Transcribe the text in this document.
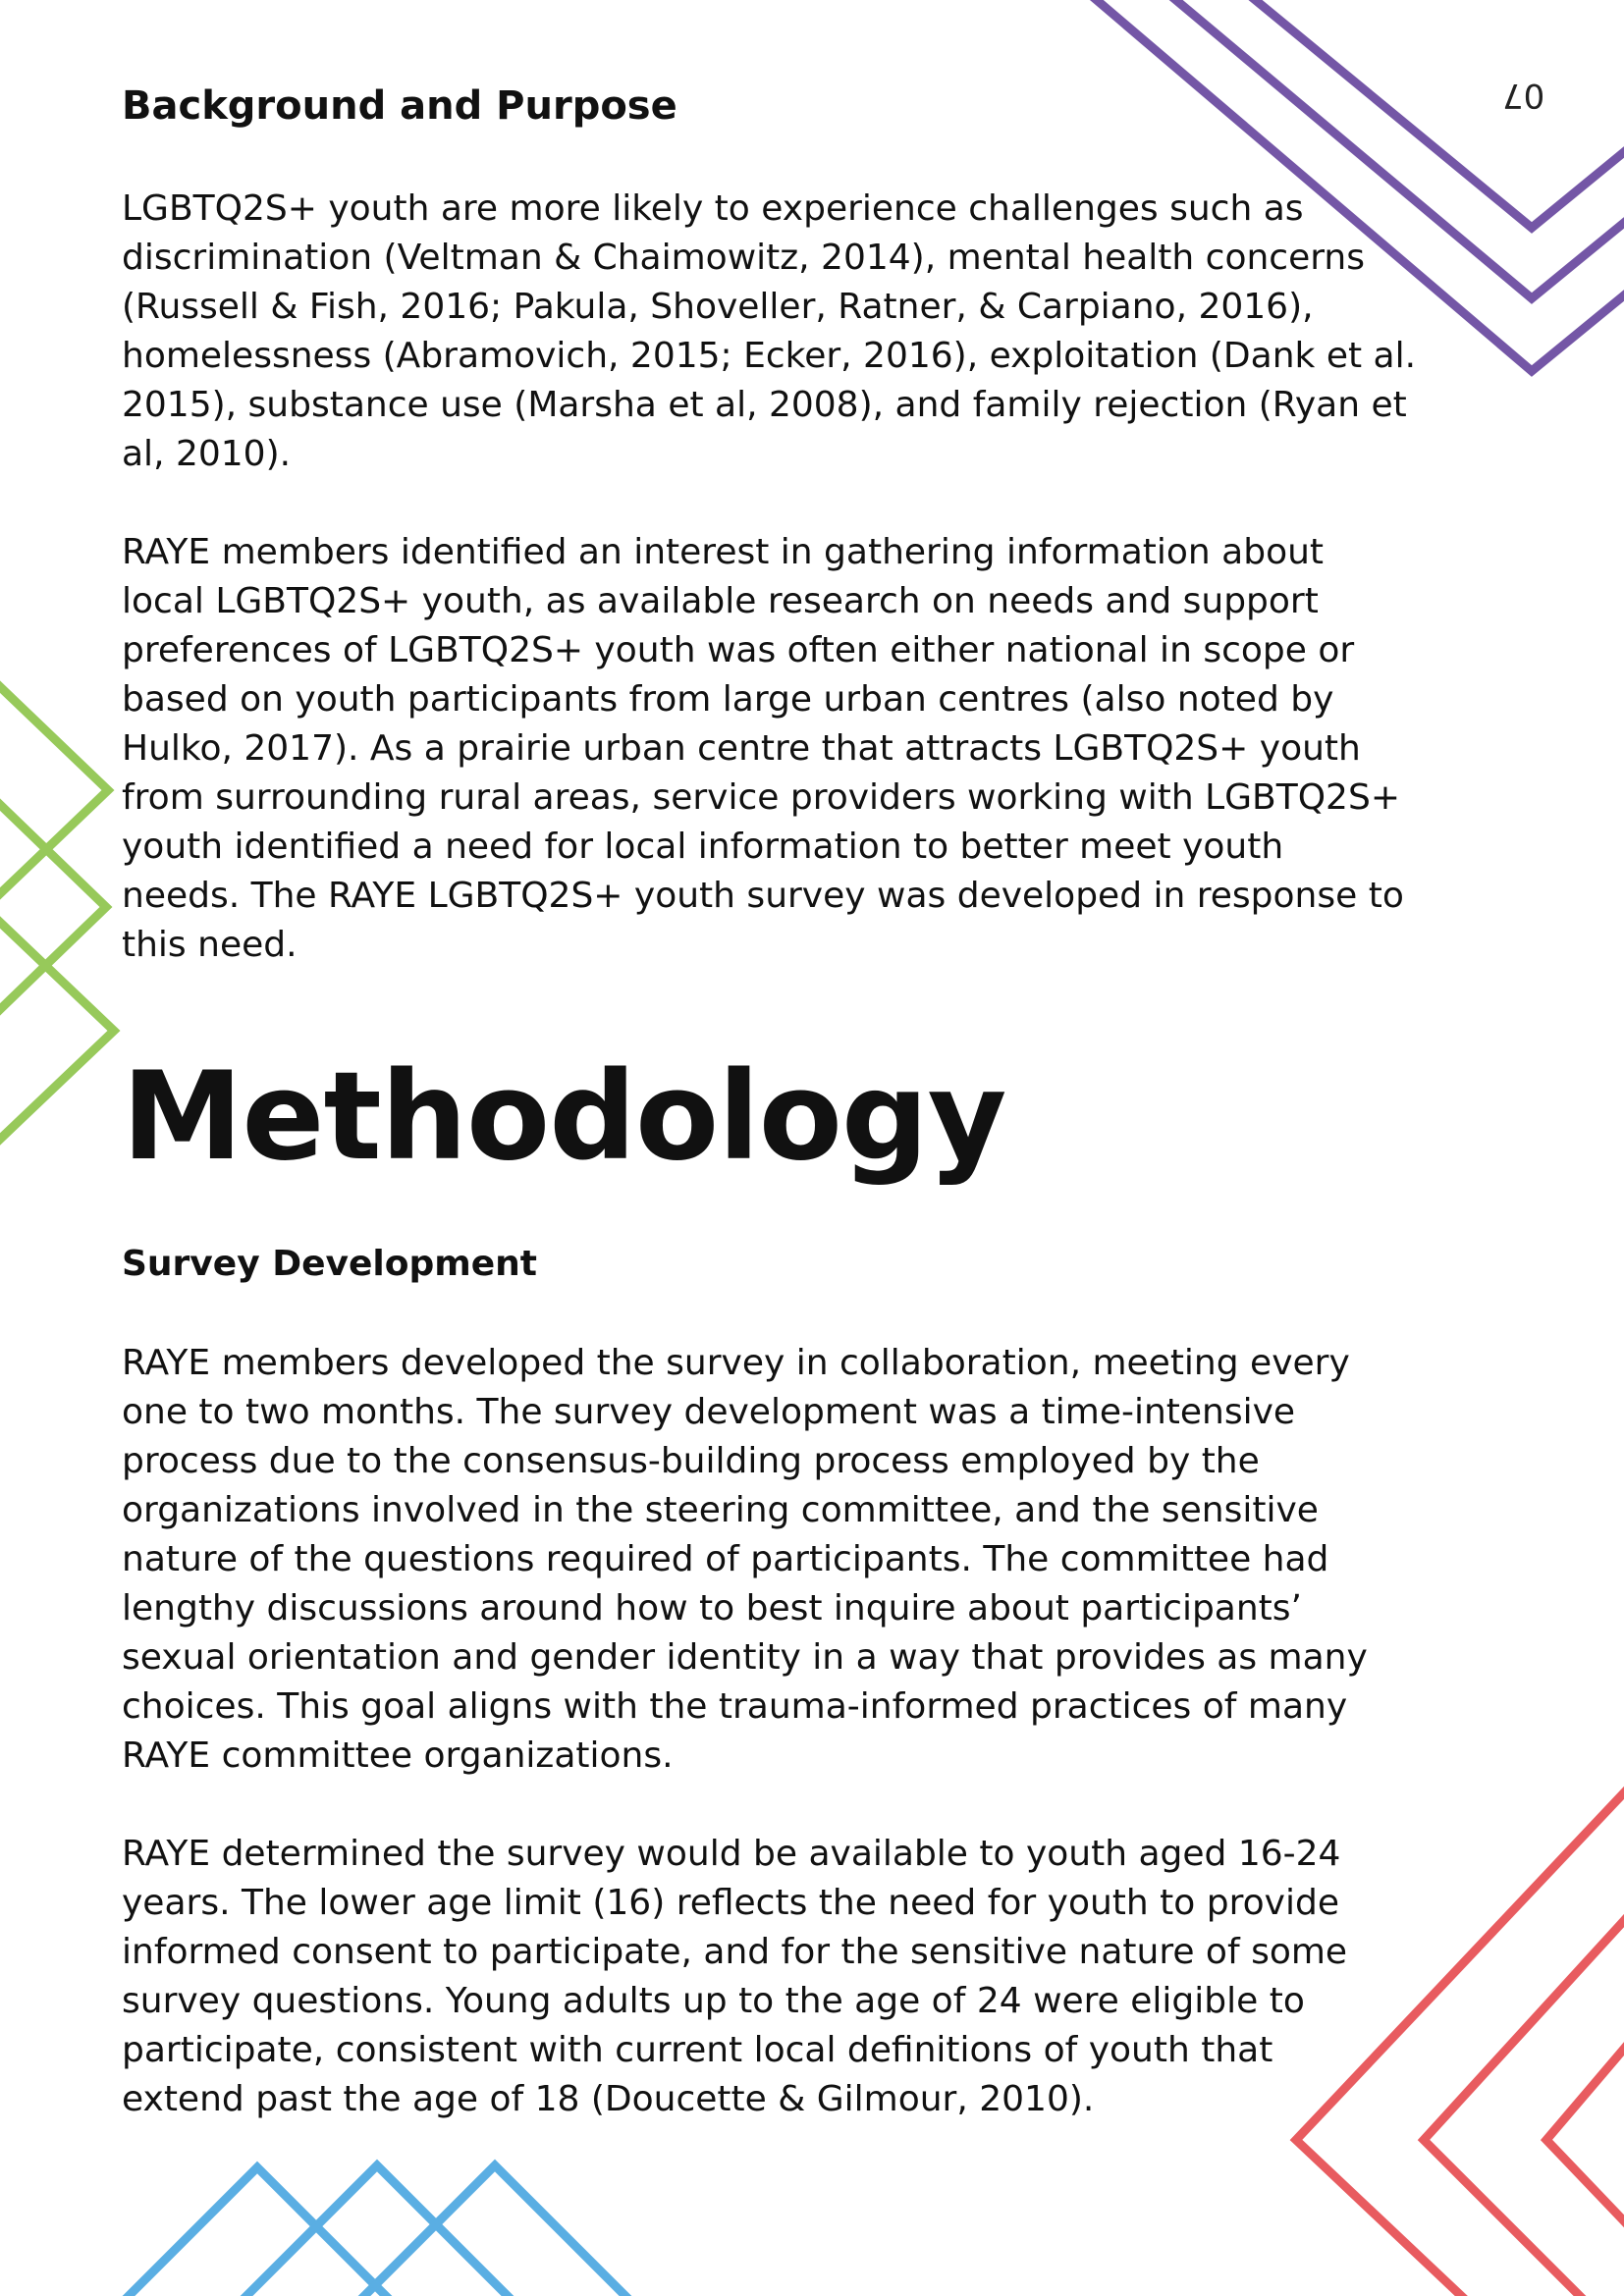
07
Background and Purpose

LGBTQ2S+ youth are more likely to experience challenges such as
discrimination (Veltman & Chaimowitz, 2014), mental health concerns
(Russell & Fish, 2016; Pakula, Shoveller, Ratner, & Carpiano, 2016),
homelessness (Abramovich, 2015; Ecker, 2016), exploitation (Dank et al.
2015), substance use (Marsha et al, 2008), and family rejection (Ryan et
al, 2010).

RAYE members identified an interest in gathering information about
local LGBTQ2S+ youth, as available research on needs and support
preferences of LGBTQ2S+ youth was often either national in scope or
based on youth participants from large urban centres (also noted by
Hulko, 2017). As a prairie urban centre that attracts LGBTQ2S+ youth
from surrounding rural areas, service providers working with LGBTQ2S+
youth identified a need for local information to better meet youth
needs. The RAYE LGBTQ2S+ youth survey was developed in response to
this need.

Methodology
Survey Development

RAYE members developed the survey in collaboration, meeting every
one to two months. The survey development was a time-intensive
process due to the consensus-building process employed by the
organizations involved in the steering committee, and the sensitive
nature of the questions required of participants. The committee had
lengthy discussions around how to best inquire about participants’
sexual orientation and gender identity in a way that provides as many
choices. This goal aligns with the trauma-informed practices of many
RAYE committee organizations.

RAYE determined the survey would be available to youth aged 16-24
years. The lower age limit (16) reflects the need for youth to provide
informed consent to participate, and for the sensitive nature of some
survey questions. Young adults up to the age of 24 were eligible to
participate, consistent with current local definitions of youth that
extend past the age of 18 (Doucette & Gilmour, 2010).
